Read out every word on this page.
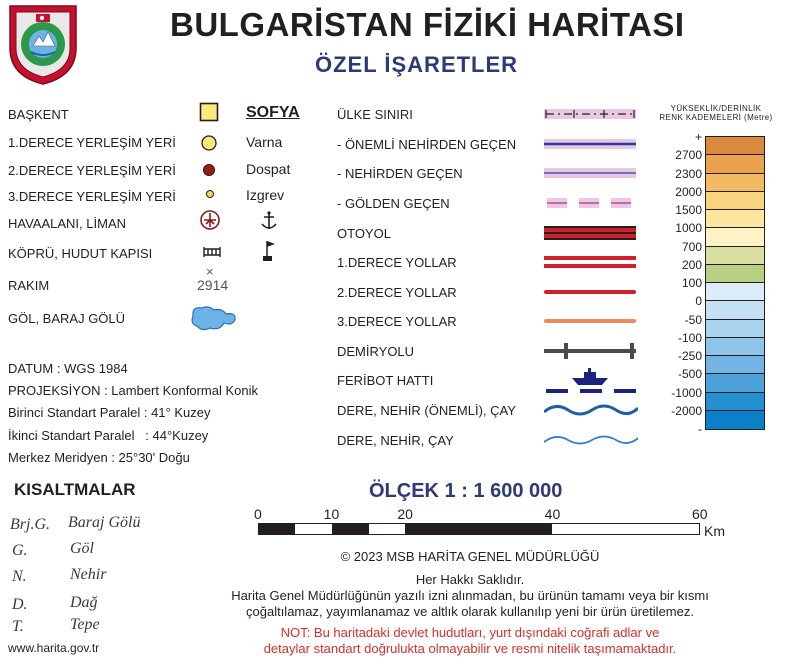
BULGARİSTAN FİZİKİ HARİTASI
ÖZEL İŞARETLER
BAŞKENT	SOFYA
1.DERECE YERLEŞİM YERİ	Varna
2.DERECE YERLEŞİM YERİ	Dospat
3.DERECE YERLEŞİM YERİ	Izgrev
HAVAALANI, LİMAN
KÖPRÜ, HUDUT KAPISI
RAKIM
×
2914
GÖL, BARAJ GÖLÜ
DATUM : WGS 1984
PROJEKSİYON : Lambert Konformal Konik
Birinci Standart Paralel : 41° Kuzey
İkinci Standart Paralel   : 44°Kuzey
Merkez Meridyen : 25°30' Doğu
KISALTMALAR
Brj.G. Baraj Gölü
G.	Göl
N.	Nehir
D.	Dağ
T.	Tepe
www.harita.gov.tr
ÜLKE SINIRI
- ÖNEMLİ NEHİRDEN GEÇEN
- NEHİRDEN GEÇEN
- GÖLDEN GEÇEN
OTOYOL
1.DERECE YOLLAR
2.DERECE YOLLAR
3.DERECE YOLLAR
DEMİRYOLU
FERİBOT HATTI
DERE, NEHİR (ÖNEMLİ), ÇAY
DERE, NEHİR, ÇAY
YÜKSEKLİK/DERİNLİK
RENK KADEMELERİ (Metre)
+
2700
2300
2000
1500
1000
700
200
100
0
-50
-100
-250
-500
-1000
-2000
-
ÖLÇEK 1 : 1 600 000
0	10	20	40	60
Km
© 2023 MSB HARİTA GENEL MÜDÜRLÜĞÜ
Her Hakkı Saklıdır.
Harita Genel Müdürlüğünün yazılı izni alınmadan, bu ürünün tamamı veya bir kısmı
çoğaltılamaz, yayımlanamaz ve altlık olarak kullanılıp yeni bir ürün üretilemez.
NOT: Bu haritadaki devlet hudutları, yurt dışındaki coğrafi adlar ve
detaylar standart doğrulukta olmayabilir ve resmi nitelik taşımamaktadır.
